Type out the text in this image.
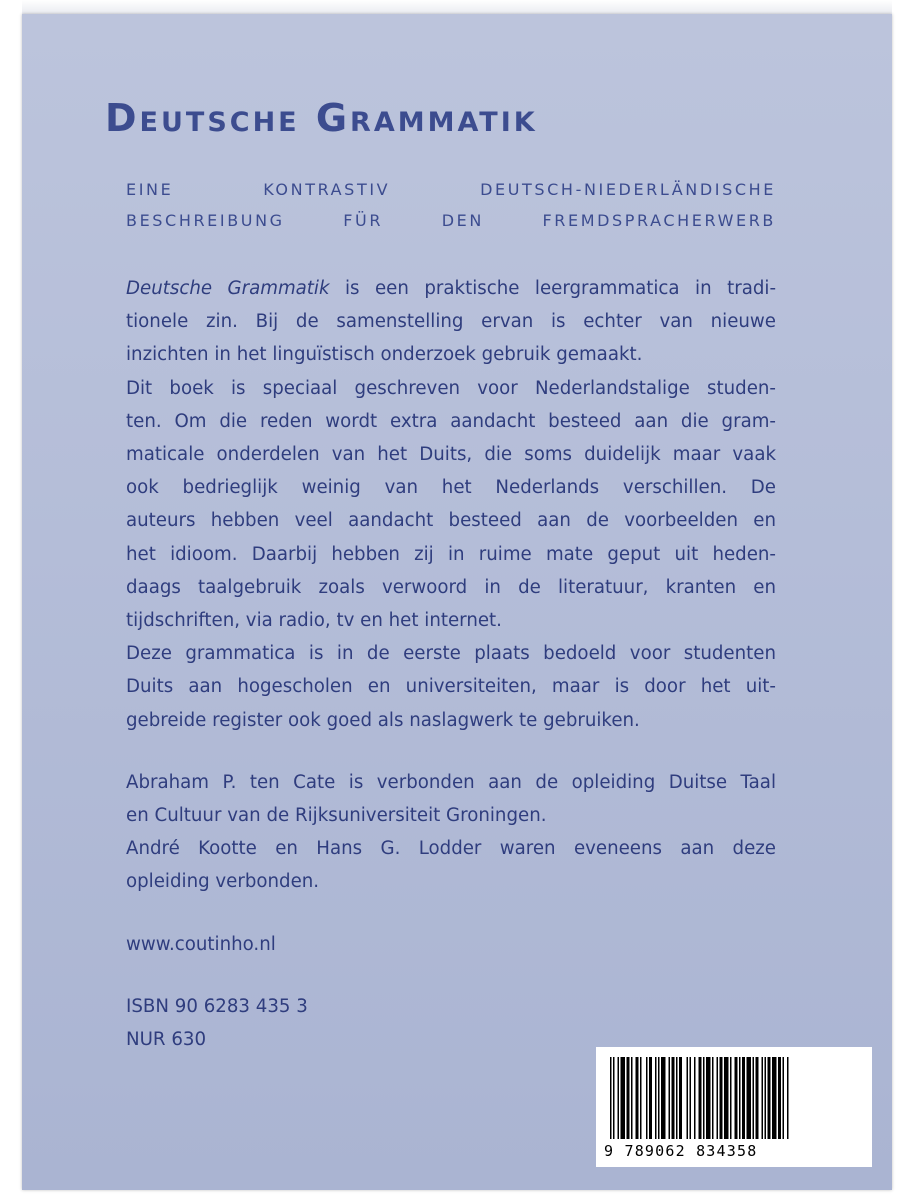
Deutsche Grammatik
EINE KONTRASTIV DEUTSCH-NIEDERLÄNDISCHE
BESCHREIBUNG FÜR DEN FREMDSPRACHERWERB
Deutsche Grammatik is een praktische leergrammatica in tradi-
tionele zin. Bij de samenstelling ervan is echter van nieuwe
inzichten in het linguïstisch onderzoek gebruik gemaakt.
Dit boek is speciaal geschreven voor Nederlandstalige studen-
ten. Om die reden wordt extra aandacht besteed aan die gram-
maticale onderdelen van het Duits, die soms duidelijk maar vaak
ook bedrieglijk weinig van het Nederlands verschillen. De
auteurs hebben veel aandacht besteed aan de voorbeelden en
het idioom. Daarbij hebben zij in ruime mate geput uit heden-
daags taalgebruik zoals verwoord in de literatuur, kranten en
tijdschriften, via radio, tv en het internet.
Deze grammatica is in de eerste plaats bedoeld voor studenten
Duits aan hogescholen en universiteiten, maar is door het uit-
gebreide register ook goed als naslagwerk te gebruiken.
Abraham P. ten Cate is verbonden aan de opleiding Duitse Taal
en Cultuur van de Rijksuniversiteit Groningen.
André Kootte en Hans G. Lodder waren eveneens aan deze
opleiding verbonden.
www.coutinho.nl
ISBN 90 6283 435 3
NUR 630
9 789062 834358
